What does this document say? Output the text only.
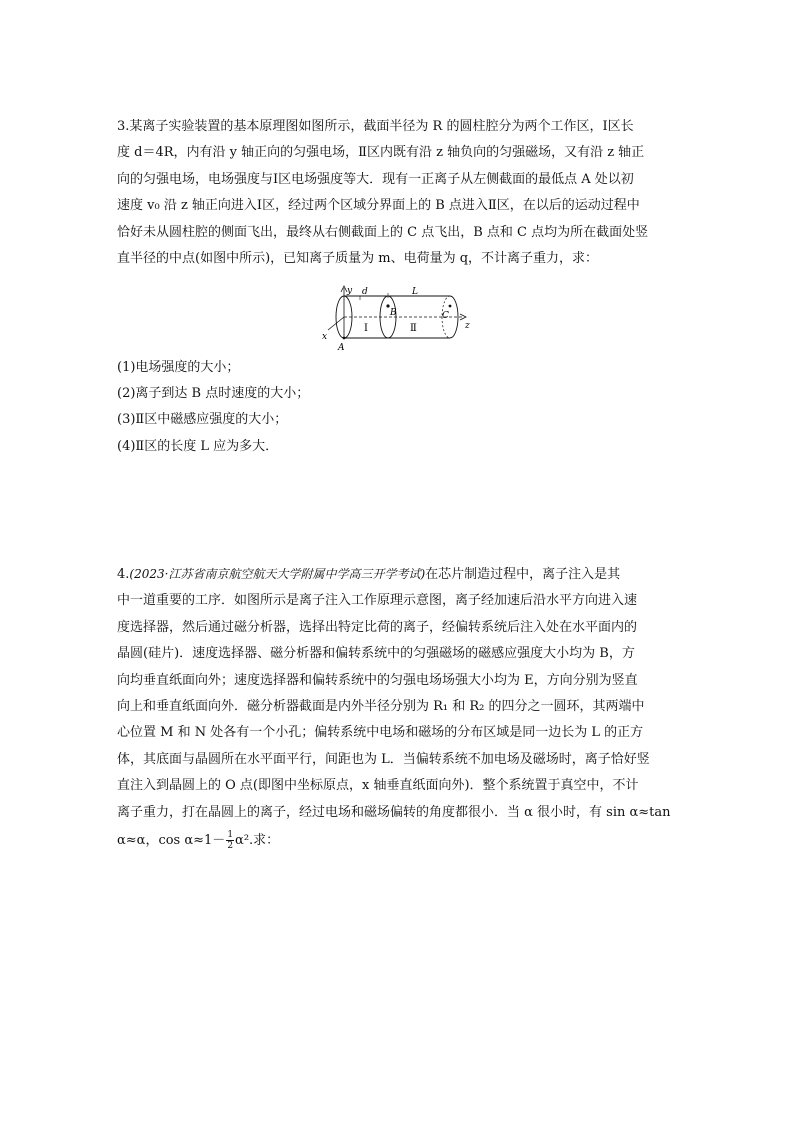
3.某离子实验装置的基本原理图如图所示，截面半径为 R 的圆柱腔分为两个工作区，Ⅰ区长
度 d＝4R，内有沿 y 轴正向的匀强电场，Ⅱ区内既有沿 z 轴负向的匀强磁场，又有沿 z 轴正
向的匀强电场，电场强度与Ⅰ区电场强度等大．现有一正离子从左侧截面的最低点 A 处以初
速度 v₀ 沿 z 轴正向进入Ⅰ区，经过两个区域分界面上的 B 点进入Ⅱ区，在以后的运动过程中
恰好未从圆柱腔的侧面飞出，最终从右侧截面上的 C 点飞出，B 点和 C 点均为所在截面处竖
直半径的中点(如图中所示)，已知离子质量为 m、电荷量为 q，不计离子重力，求：
y
x
z
A
B	C
d	L
Ⅰ	Ⅱ
(1)电场强度的大小；
(2)离子到达 B 点时速度的大小；
(3)Ⅱ区中磁感应强度的大小；
(4)Ⅱ区的长度 L 应为多大．
4.(2023·江苏省南京航空航天大学附属中学高三开学考试)在芯片制造过程中，离子注入是其
中一道重要的工序．如图所示是离子注入工作原理示意图，离子经加速后沿水平方向进入速
度选择器，然后通过磁分析器，选择出特定比荷的离子，经偏转系统后注入处在水平面内的
晶圆(硅片)．速度选择器、磁分析器和偏转系统中的匀强磁场的磁感应强度大小均为 B，方
向均垂直纸面向外；速度选择器和偏转系统中的匀强电场场强大小均为 E，方向分别为竖直
向上和垂直纸面向外．磁分析器截面是内外半径分别为 R₁ 和 R₂ 的四分之一圆环，其两端中
心位置 M 和 N 处各有一个小孔；偏转系统中电场和磁场的分布区域是同一边长为 L 的正方
体，其底面与晶圆所在水平面平行，间距也为 L．当偏转系统不加电场及磁场时，离子恰好竖
直注入到晶圆上的 O 点(即图中坐标原点，x 轴垂直纸面向外)．整个系统置于真空中，不计
离子重力，打在晶圆上的离子，经过电场和磁场偏转的角度都很小．当 α 很小时，有 sin α≈tan
α≈α，$\cos \alpha\approx 1- \frac{1}{2} \alpha^2$.求：
